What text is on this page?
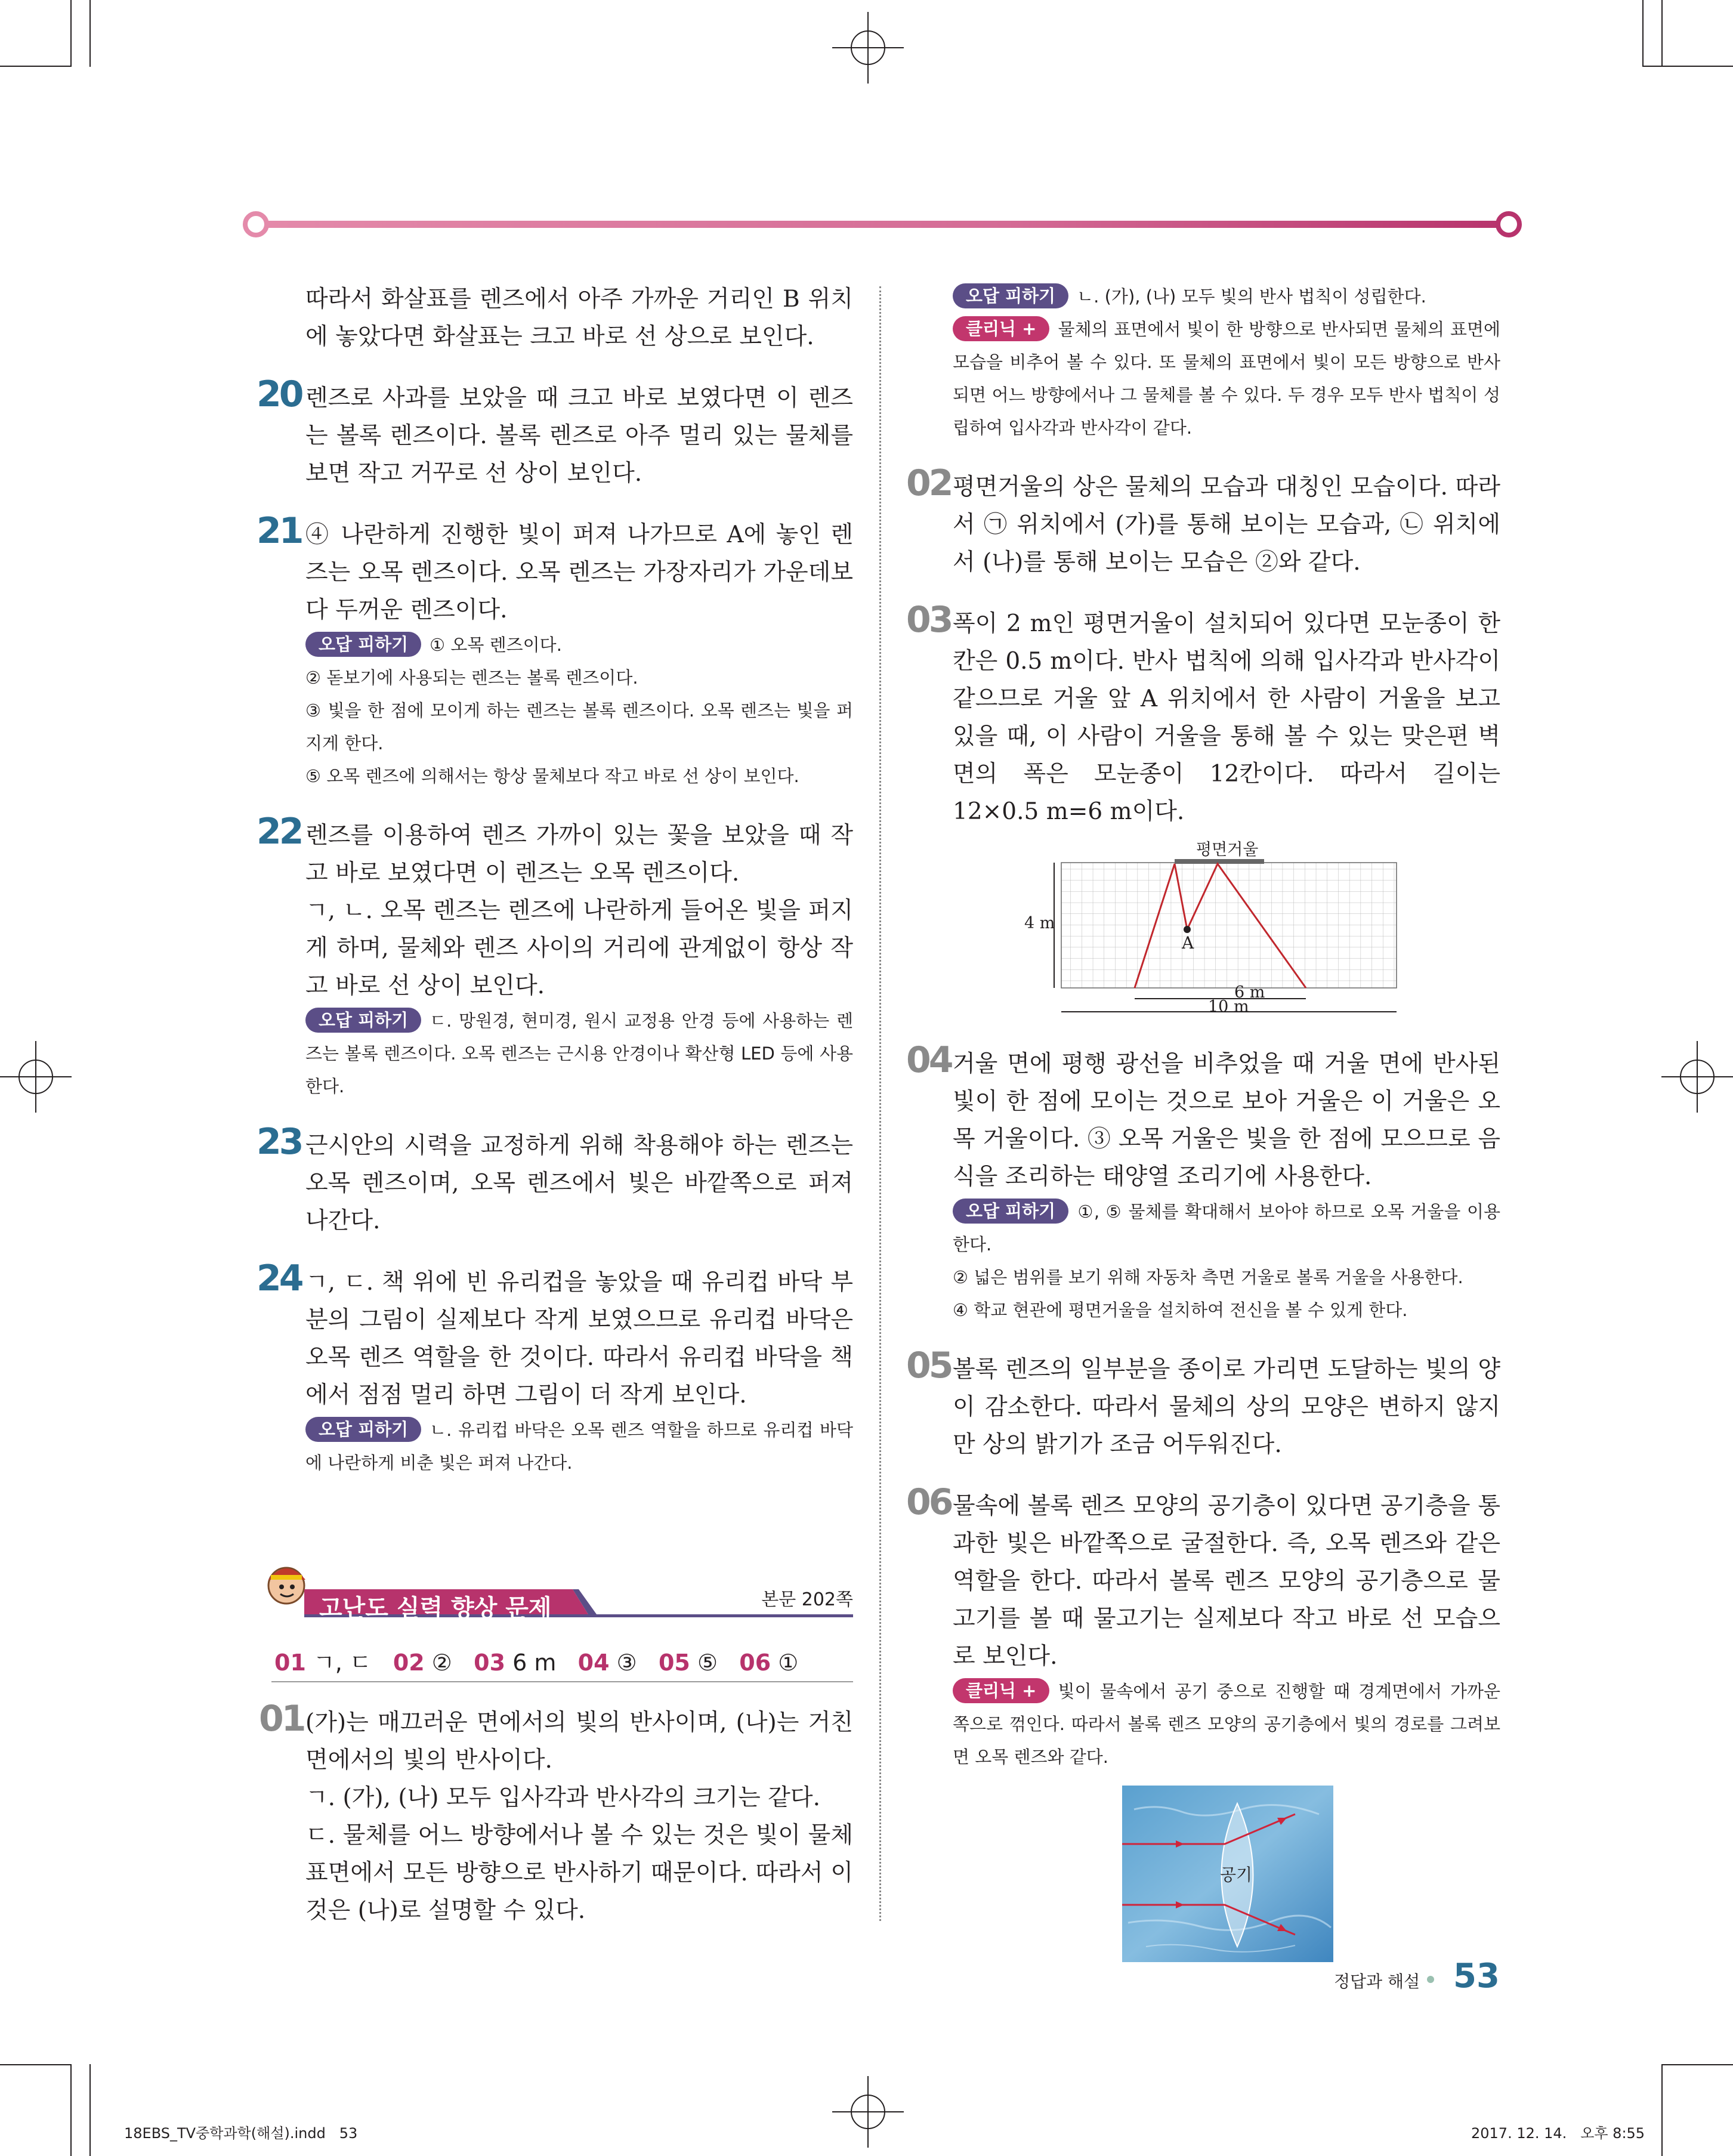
따라서 화살표를 렌즈에서 아주 가까운 거리인 B 위치에 놓았다면 화살표는 크고 바로 선 상으로 보인다.

20 렌즈로 사과를 보았을 때 크고 바로 보였다면 이 렌즈는 볼록 렌즈이다. 볼록 렌즈로 아주 멀리 있는 물체를 보면 작고 거꾸로 선 상이 보인다.
21 ④ 나란하게 진행한 빛이 퍼져 나가므로 A에 놓인 렌즈는 오목 렌즈이다. 오목 렌즈는 가장자리가 가운데보다 두꺼운 렌즈이다.

오답 피하기 ① 오목 렌즈이다.

② 돋보기에 사용되는 렌즈는 볼록 렌즈이다.

③ 빛을 한 점에 모이게 하는 렌즈는 볼록 렌즈이다. 오목 렌즈는 빛을 퍼지게 한다.

⑤ 오목 렌즈에 의해서는 항상 물체보다 작고 바로 선 상이 보인다.

22 렌즈를 이용하여 렌즈 가까이 있는 꽃을 보았을 때 작고 바로 보였다면 이 렌즈는 오목 렌즈이다.

ㄱ, ㄴ. 오목 렌즈는 렌즈에 나란하게 들어온 빛을 퍼지게 하며, 물체와 렌즈 사이의 거리에 관계없이 항상 작고 바로 선 상이 보인다.

오답 피하기 ㄷ. 망원경, 현미경, 원시 교정용 안경 등에 사용하는 렌즈는 볼록 렌즈이다. 오목 렌즈는 근시용 안경이나 확산형 LED 등에 사용한다.

23 근시안의 시력을 교정하게 위해 착용해야 하는 렌즈는 오목 렌즈이며, 오목 렌즈에서 빛은 바깥쪽으로 퍼져 나간다.
24 ㄱ, ㄷ. 책 위에 빈 유리컵을 놓았을 때 유리컵 바닥 부분의 그림이 실제보다 작게 보였으므로 유리컵 바닥은 오목 렌즈 역할을 한 것이다. 따라서 유리컵 바닥을 책에서 점점 멀리 하면 그림이 더 작게 보인다.

오답 피하기 ㄴ. 유리컵 바닥은 오목 렌즈 역할을 하므로 유리컵 바닥에 나란하게 비춘 빛은 퍼져 나간다.

고난도 실력 향상 문제	본문 202쪽
01 ㄱ, ㄷ 02 ② 03 6 m 04 ③ 05 ⑤ 06 ①
01 (가)는 매끄러운 면에서의 빛의 반사이며, (나)는 거친 면에서의 빛의 반사이다.

ㄱ. (가), (나) 모두 입사각과 반사각의 크기는 같다.

ㄷ. 물체를 어느 방향에서나 볼 수 있는 것은 빛이 물체 표면에서 모든 방향으로 반사하기 때문이다. 따라서 이것은 (나)로 설명할 수 있다.

오답 피하기 ㄴ. (가), (나) 모두 빛의 반사 법칙이 성립한다.

클리닉 + 물체의 표면에서 빛이 한 방향으로 반사되면 물체의 표면에 모습을 비추어 볼 수 있다. 또 물체의 표면에서 빛이 모든 방향으로 반사되면 어느 방향에서나 그 물체를 볼 수 있다. 두 경우 모두 반사 법칙이 성립하여 입사각과 반사각이 같다.

02 평면거울의 상은 물체의 모습과 대칭인 모습이다. 따라서 ㉠ 위치에서 (가)를 통해 보이는 모습과, ㉡ 위치에서 (나)를 통해 보이는 모습은 ②와 같다.
03 폭이 2 m인 평면거울이 설치되어 있다면 모눈종이 한 칸은 0.5 m이다. 반사 법칙에 의해 입사각과 반사각이 같으므로 거울 앞 A 위치에서 한 사람이 거울을 보고 있을 때, 이 사람이 거울을 통해 볼 수 있는 맞은편 벽면의 폭은 모눈종이 12칸이다. 따라서 길이는 12×0.5 m=6 m이다.
평면거울
4 m
A
6 m
10 m
04 거울 면에 평행 광선을 비추었을 때 거울 면에 반사된 빛이 한 점에 모이는 것으로 보아 거울은 이 거울은 오목 거울이다. ③ 오목 거울은 빛을 한 점에 모으므로 음식을 조리하는 태양열 조리기에 사용한다.

오답 피하기 ①, ⑤ 물체를 확대해서 보아야 하므로 오목 거울을 이용한다.

② 넓은 범위를 보기 위해 자동차 측면 거울로 볼록 거울을 사용한다.

④ 학교 현관에 평면거울을 설치하여 전신을 볼 수 있게 한다.

05 볼록 렌즈의 일부분을 종이로 가리면 도달하는 빛의 양이 감소한다. 따라서 물체의 상의 모양은 변하지 않지만 상의 밝기가 조금 어두워진다.
06 물속에 볼록 렌즈 모양의 공기층이 있다면 공기층을 통과한 빛은 바깥쪽으로 굴절한다. 즉, 오목 렌즈와 같은 역할을 한다. 따라서 볼록 렌즈 모양의 공기층으로 물고기를 볼 때 물고기는 실제보다 작고 바로 선 모습으로 보인다.

클리닉 + 빛이 물속에서 공기 중으로 진행할 때 경계면에서 가까운 쪽으로 꺾인다. 따라서 볼록 렌즈 모양의 공기층에서 빛의 경로를 그려보면 오목 렌즈와 같다.

공기
정답과 해설 53
18EBS_TV중학과학(해설).indd   53	2017. 12. 14.   오후 8:55
